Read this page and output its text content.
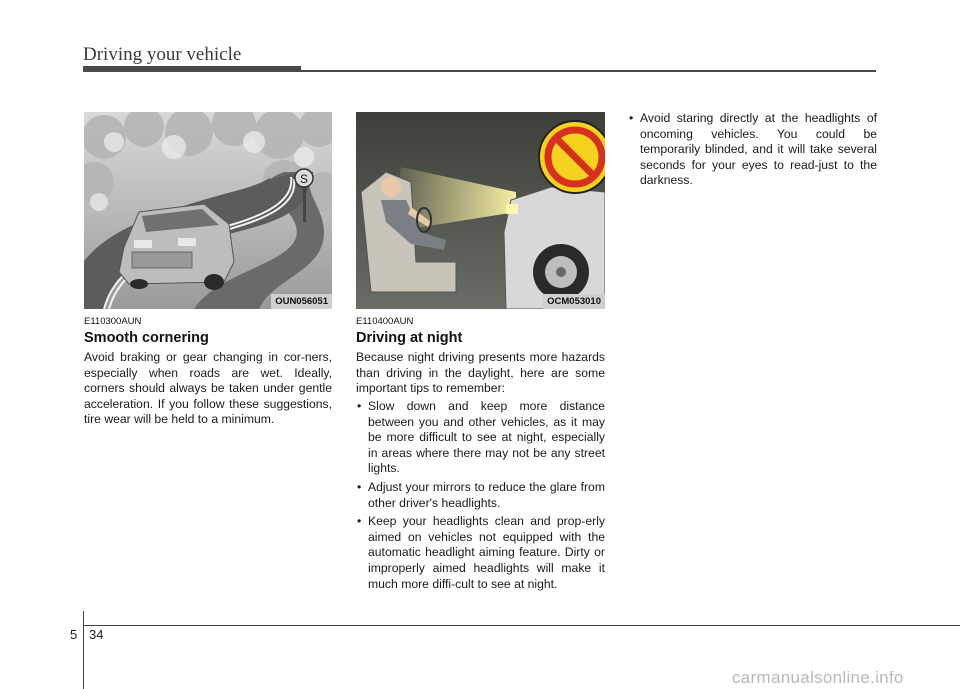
Driving your vehicle
S
OUN056051	OCM053010
E110300AUN
Smooth cornering

Avoid braking or gear changing in cor-ners, especially when roads are wet. Ideally, corners should always be taken under gentle acceleration. If you follow these suggestions, tire wear will be held to a minimum.

E110400AUN
Driving at night

Because night driving presents more hazards than driving in the daylight, here are some important tips to remember:

• Slow down and keep more distance between you and other vehicles, as it may be more difficult to see at night, especially in areas where there may not be any street lights.
• Adjust your mirrors to reduce the glare from other driver's headlights.
• Keep your headlights clean and prop-erly aimed on vehicles not equipped with the automatic headlight aiming feature. Dirty or improperly aimed headlights will make it much more diffi-cult to see at night.
• Avoid staring directly at the headlights of oncoming vehicles. You could be temporarily blinded, and it will take several seconds for your eyes to read-just to the darkness.
5 34
carmanualsonline.info
